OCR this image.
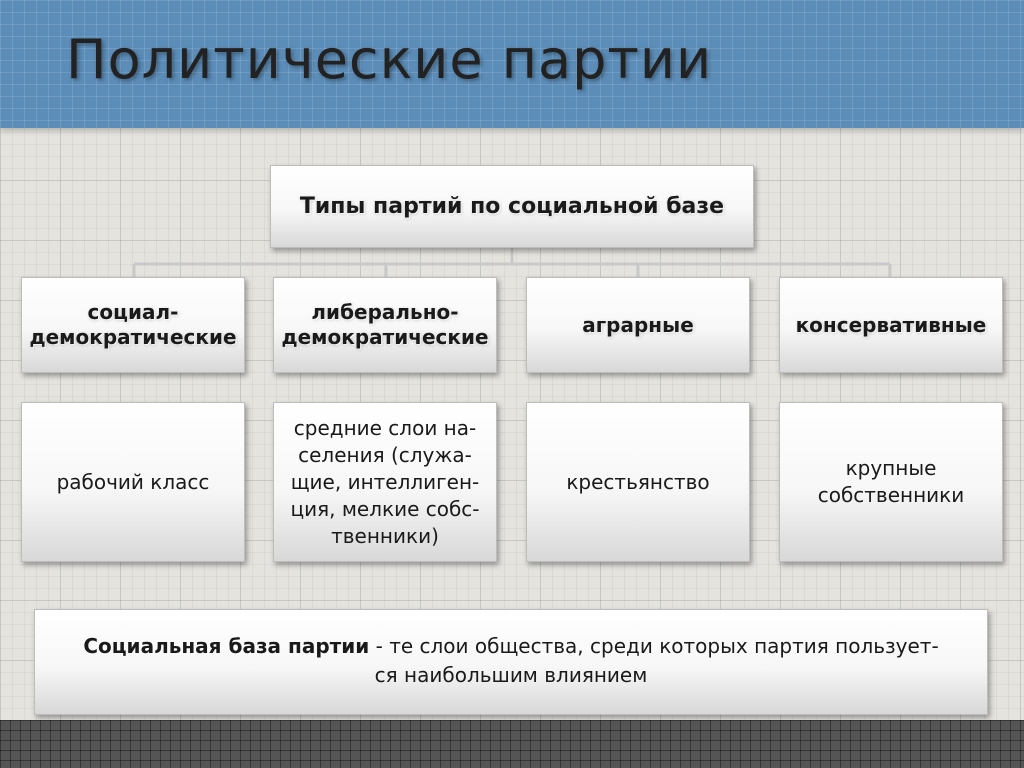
Политические партии
Типы партий по социальной базе
социал-
демократические
либерально-
демократические
аграрные	консервативные
рабочий класс
средние слои на-
селения (служа-
щие, интеллиген-
ция, мелкие собс-
твенники)
крестьянство
крупные
собственники
Социальная база партии - те слои общества, среди которых партия пользует-
ся наибольшим влиянием
